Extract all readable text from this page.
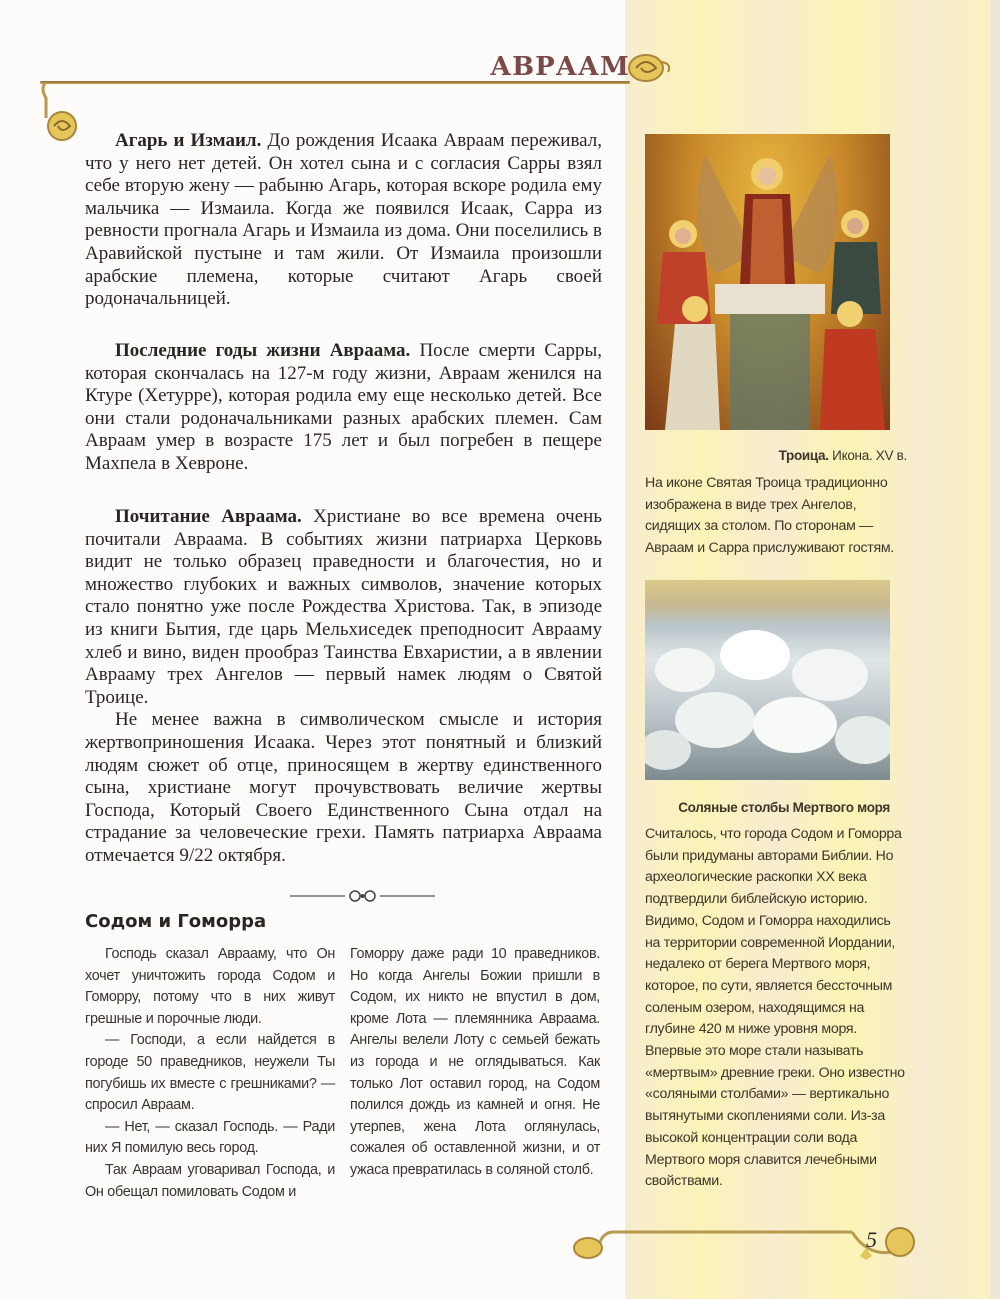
АВРААМ

Агарь и Измаил. До рождения Исаака Авраам переживал, что у него нет детей. Он хотел сына и с согласия Сарры взял себе вторую жену — рабыню Агарь, которая вскоре родила ему мальчика — Измаила. Когда же появился Исаак, Сарра из ревности прогнала Агарь и Измаила из дома. Они поселились в Аравийской пустыне и там жили. От Измаила произошли арабские племена, которые считают Агарь своей родоначальницей.

Последние годы жизни Авраама. После смерти Сарры, которая скончалась на 127-м году жизни, Авраам женился на Ктуре (Хетурре), которая родила ему еще несколько детей. Все они стали родоначальниками разных арабских племен. Сам Авраам умер в возрасте 175 лет и был погребен в пещере Махпела в Хевроне.

Почитание Авраама. Христиане во все времена очень почитали Авраама. В событиях жизни патриарха Церковь видит не только образец праведности и благочестия, но и множество глубоких и важных символов, значение которых стало понятно уже после Рождества Христова. Так, в эпизоде из книги Бытия, где царь Мельхиседек преподносит Аврааму хлеб и вино, виден прообраз Таинства Евхаристии, а в явлении Аврааму трех Ангелов — первый намек людям о Святой Троице.

Не менее важна в символическом смысле и история жертвоприношения Исаака. Через этот понятный и близкий людям сюжет об отце, приносящем в жертву единственного сына, христиане могут прочувствовать величие жертвы Господа, Который Своего Единственного Сына отдал на страдание за человеческие грехи. Память патриарха Авраама отмечается 9/22 октября.

Содом и Гоморра

Господь сказал Аврааму, что Он хочет уничтожить города Содом и Гоморру, потому что в них живут грешные и порочные люди.

— Господи, а если найдется в городе 50 праведников, неужели Ты погубишь их вместе с грешниками? — спросил Авраам.

— Нет, — сказал Господь. — Ради них Я помилую весь город.

Так Авраам уговаривал Господа, и Он обещал помиловать Содом и

Гоморру даже ради 10 праведников. Но когда Ангелы Божии пришли в Содом, их никто не впустил в дом, кроме Лота — племянника Авраама. Ангелы велели Лоту с семьей бежать из города и не оглядываться. Как только Лот оставил город, на Содом полился дождь из камней и огня. Не утерпев, жена Лота оглянулась, сожалея об оставленной жизни, и от ужаса превратилась в соляной столб.

Троица. Икона. XV в.
На иконе Святая Троица традиционно изображена в виде трех Ангелов, сидящих за столом. По сторонам — Авраам и Сарра прислуживают гостям.
Соляные столбы Мертвого моря
Считалось, что города Содом и Гоморра были придуманы авторами Библии. Но археологические раскопки XX века подтвердили библейскую историю. Видимо, Содом и Гоморра находились на территории современной Иордании, недалеко от берега Мертвого моря, которое, по сути, является бессточным соленым озером, находящимся на глубине 420 м ниже уровня моря. Впервые это море стали называть «мертвым» древние греки. Оно известно «соляными столбами» — вертикально вытянутыми скоплениями соли. Из-за высокой концентрации соли вода Мертвого моря славится лечебными свойствами.
5
